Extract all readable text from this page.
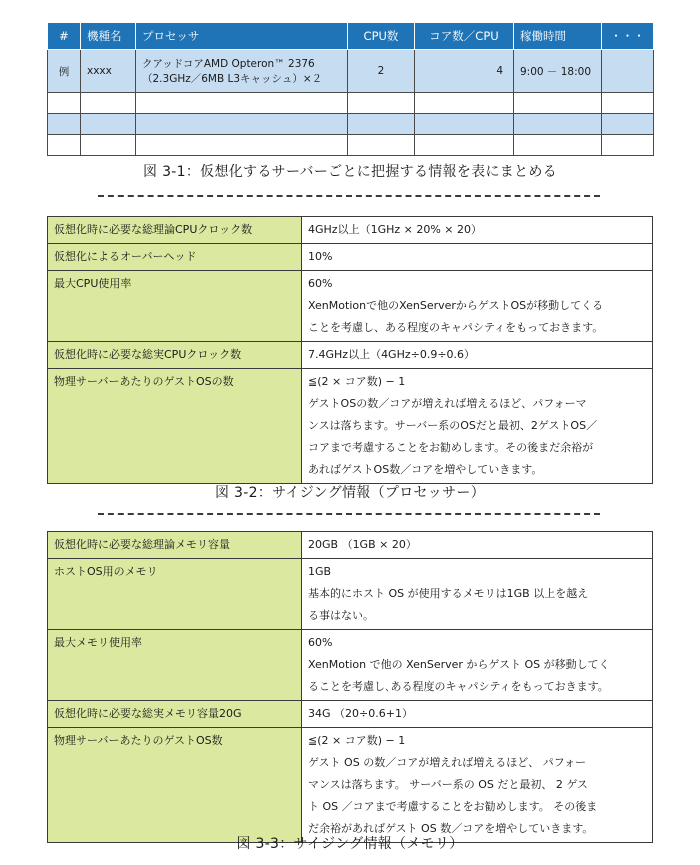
#	機種名	プロセッサ	CPU数	コア数／CPU	稼働時間	・・・
例	xxxx	クアッドコアAMD Opteron™ 2376
（2.3GHz／6MB L3キャッシュ）×２	2	4	9:00 － 18:00	

図 3-1：仮想化するサーバーごとに把握する情報を表にまとめる
仮想化時に必要な総理論CPUクロック数	4GHz以上（1GHz × 20% × 20）

仮想化によるオーバーヘッド	10%

最大CPU使用率	60%
XenMotionで他のXenServerからゲストOSが移動してくる
ことを考慮し、ある程度のキャパシティをもっておきます。

仮想化時に必要な総実CPUクロック数	7.4GHz以上（4GHz÷0.9÷0.6）

物理サーバーあたりのゲストOSの数	≦(2 × コア数) − 1
ゲストOSの数／コアが増えれば増えるほど、パフォーマ
ンスは落ちます。サーバー系のOSだと最初、2ゲストOS／
コアまで考慮することをお勧めします。その後まだ余裕が
あればゲストOS数／コアを増やしていきます。
図 3-2：サイジング情報（プロセッサー）
仮想化時に必要な総理論メモリ容量	20GB （1GB × 20）

ホストOS用のメモリ	1GB
基本的にホスト OS が使用するメモリは1GB 以上を越え
る事はない。

最大メモリ使用率	60%
XenMotion で他の XenServer からゲスト OS が移動してく
ることを考慮し､ある程度のキャパシティをもっておきます。

仮想化時に必要な総実メモリ容量20G	34G （20÷0.6+1）

物理サーバーあたりのゲストOS数	≦(2 × コア数) − 1
ゲスト OS の数／コアが増えれば増えるほど、 パフォー
マンスは落ちます。 サーバー系の OS だと最初、 2 ゲス
ト OS ／コアまで考慮することをお勧めします。 その後ま
だ余裕があればゲスト OS 数／コアを増やしていきます。
図 3-3：サイジング情報（メモリ）
